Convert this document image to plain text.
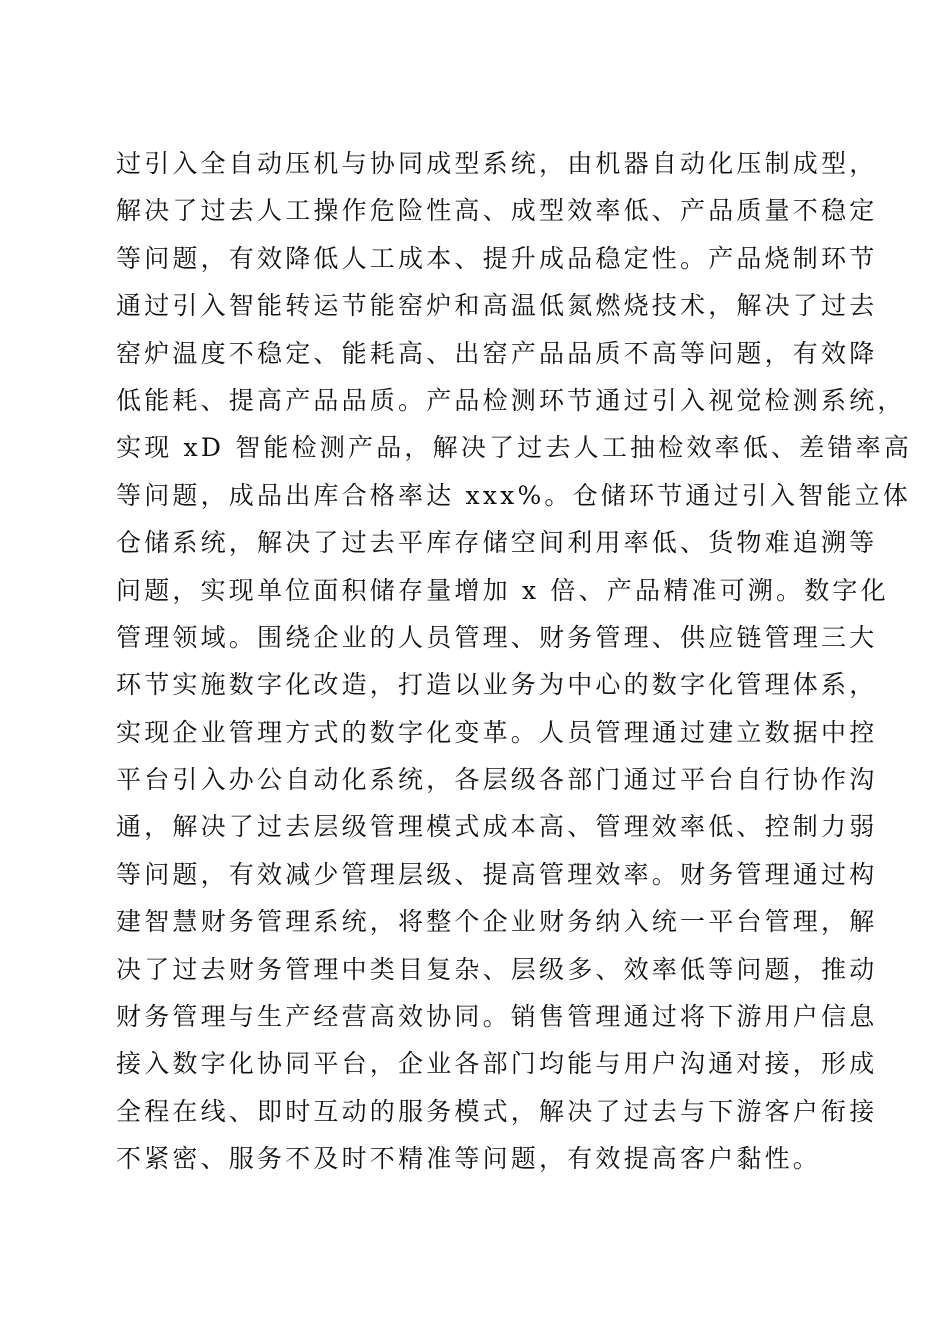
过引入全自动压机与协同成型系统，由机器自动化压制成型，
解决了过去人工操作危险性高、成型效率低、产品质量不稳定
等问题，有效降低人工成本、提升成品稳定性。产品烧制环节
通过引入智能转运节能窑炉和高温低氮燃烧技术，解决了过去
窑炉温度不稳定、能耗高、出窑产品品质不高等问题，有效降
低能耗、提高产品品质。产品检测环节通过引入视觉检测系统，
实现 xD 智能检测产品，解决了过去人工抽检效率低、差错率高
等问题，成品出库合格率达 xxx%。仓储环节通过引入智能立体
仓储系统，解决了过去平库存储空间利用率低、货物难追溯等
问题，实现单位面积储存量增加 x 倍、产品精准可溯。数字化
管理领域。围绕企业的人员管理、财务管理、供应链管理三大
环节实施数字化改造，打造以业务为中心的数字化管理体系，
实现企业管理方式的数字化变革。人员管理通过建立数据中控
平台引入办公自动化系统，各层级各部门通过平台自行协作沟
通，解决了过去层级管理模式成本高、管理效率低、控制力弱
等问题，有效减少管理层级、提高管理效率。财务管理通过构
建智慧财务管理系统，将整个企业财务纳入统一平台管理，解
决了过去财务管理中类目复杂、层级多、效率低等问题，推动
财务管理与生产经营高效协同。销售管理通过将下游用户信息
接入数字化协同平台，企业各部门均能与用户沟通对接，形成
全程在线、即时互动的服务模式，解决了过去与下游客户衔接
不紧密、服务不及时不精准等问题，有效提高客户黏性。
